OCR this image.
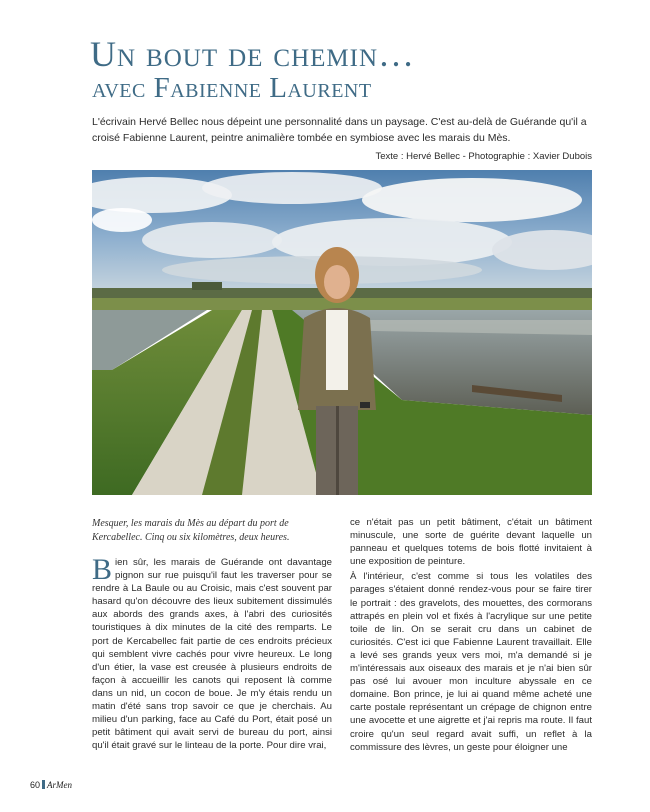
Un bout de chemin…
avec Fabienne Laurent
L'écrivain Hervé Bellec nous dépeint une personnalité dans un paysage. C'est au-delà de Guérande qu'il a croisé Fabienne Laurent, peintre animalière tombée en symbiose avec les marais du Mès.
Texte : Hervé Bellec - Photographie : Xavier Dubois
Mesquer, les marais du Mès au départ du port de Kercabellec. Cinq ou six kilomètres, deux heures.

Bien sûr, les marais de Guérande ont davantage pignon sur rue puisqu'il faut les traverser pour se rendre à La Baule ou au Croisic, mais c'est souvent par hasard qu'on découvre des lieux subitement dissimulés aux abords des grands axes, à l'abri des curiosités touristiques à dix minutes de la cité des remparts. Le port de Kercabellec fait partie de ces endroits précieux qui semblent vivre cachés pour vivre heureux. Le long d'un étier, la vase est creusée à plusieurs endroits de façon à accueillir les canots qui reposent là comme dans un nid, un cocon de boue. Je m'y étais rendu un matin d'été sans trop savoir ce que je cherchais. Au milieu d'un parking, face au Café du Port, était posé un petit bâtiment qui avait servi de bureau du port, ainsi qu'il était gravé sur le linteau de la porte. Pour dire vrai,

ce n'était pas un petit bâtiment, c'était un bâtiment minuscule, une sorte de guérite devant laquelle un panneau et quelques totems de bois flotté invitaient à une exposition de peinture.

À l'intérieur, c'est comme si tous les volatiles des parages s'étaient donné rendez-vous pour se faire tirer le portrait : des gravelots, des mouettes, des cormorans attrapés en plein vol et fixés à l'acrylique sur une petite toile de lin. On se serait cru dans un cabinet de curiosités. C'est ici que Fabienne Laurent travaillait. Elle a levé ses grands yeux vers moi, m'a demandé si je m'intéressais aux oiseaux des marais et je n'ai bien sûr pas osé lui avouer mon inculture abyssale en ce domaine. Bon prince, je lui ai quand même acheté une carte postale représentant un crépage de chignon entre une avocette et une aigrette et j'ai repris ma route. Il faut croire qu'un seul regard avait suffi, un reflet à la commissure des lèvres, un geste pour éloigner une

60 ArMen
